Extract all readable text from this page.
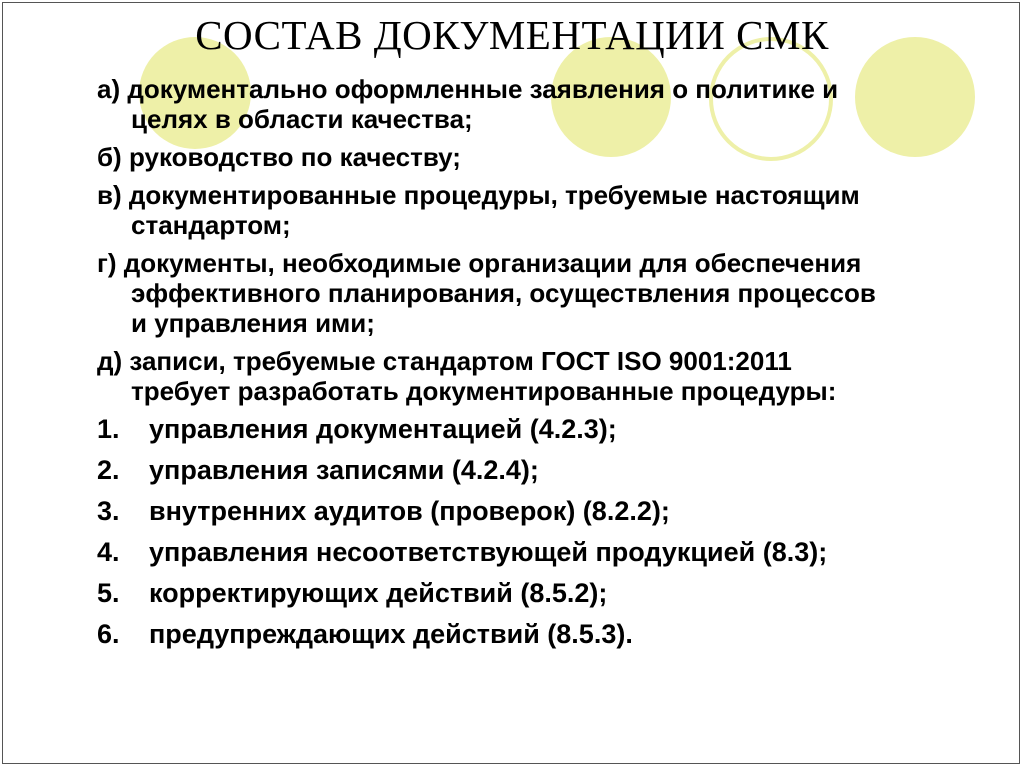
СОСТАВ ДОКУМЕНТАЦИИ СМК
а) документально оформленные заявления о политике и
целях в области качества;
б) руководство по качеству;
в) документированные процедуры, требуемые настоящим
стандартом;
г) документы, необходимые организации для обеспечения
эффективного планирования, осуществления процессов
и управления ими;
д) записи, требуемые стандартом ГОСТ ISO 9001:2011
требует разработать документированные процедуры:
1. управления документацией (4.2.3);
2. управления записями (4.2.4);
3. внутренних аудитов (проверок) (8.2.2);
4. управления несоответствующей продукцией (8.3);
5. корректирующих действий (8.5.2);
6. предупреждающих действий (8.5.3).
